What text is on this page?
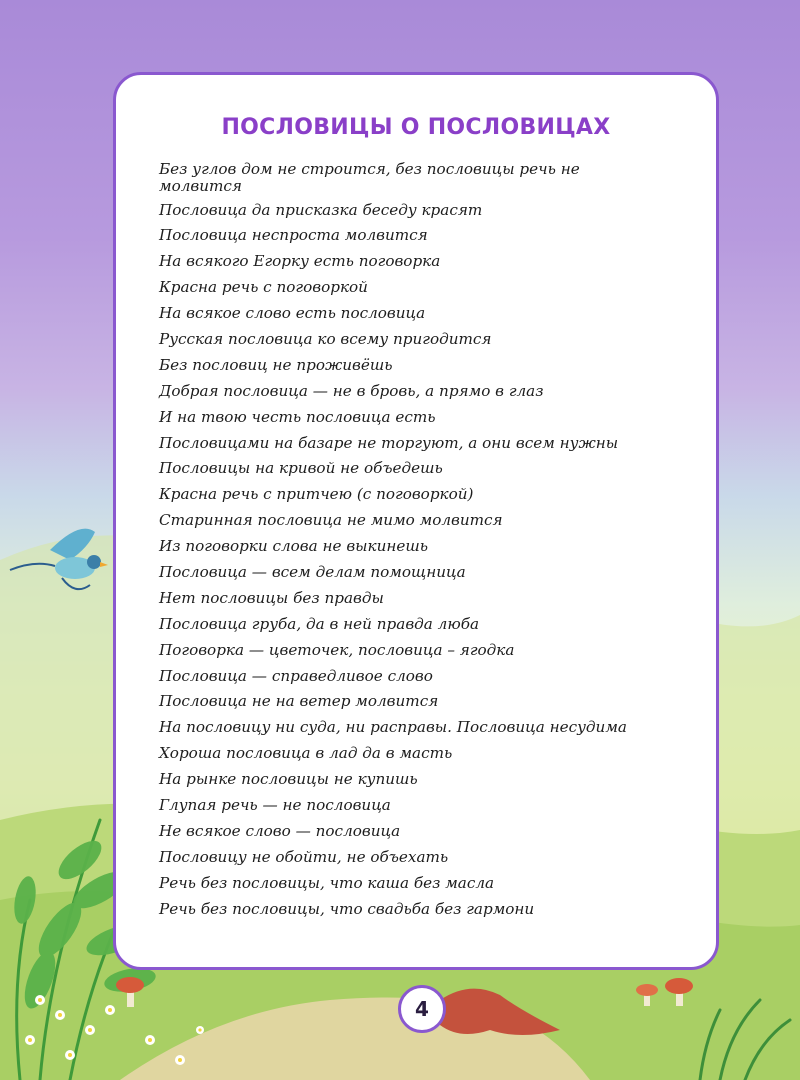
ПОСЛОВИЦЫ О ПОСЛОВИЦАХ
Без углов дом не строится, без пословицы речь не молвится
Пословица да присказка беседу красят
Пословица неспроста молвится
На всякого Егорку есть поговорка
Красна речь с поговоркой
На всякое слово есть пословица
Русская пословица ко всему пригодится
Без пословиц не проживёшь
Добрая пословица — не в бровь, а прямо в глаз
И на твою честь пословица есть
Пословицами на базаре не торгуют, а они всем нужны
Пословицы на кривой не объедешь
Красна речь с притчею (с поговоркой)
Старинная пословица не мимо молвится
Из поговорки слова не выкинешь
Пословица — всем делам помощница
Нет пословицы без правды
Пословица груба, да в ней правда люба
Поговорка — цветочек, пословица – ягодка
Пословица — справедливое слово
Пословица не на ветер молвится
На пословицу ни суда, ни расправы. Пословица несудима
Хороша пословица в лад да в масть
На рынке пословицы не купишь
Глупая речь — не пословица
Не всякое слово — пословица
Пословицу не обойти, не объехать
Речь без пословицы, что каша без масла
Речь без пословицы, что свадьба без гармони
4
